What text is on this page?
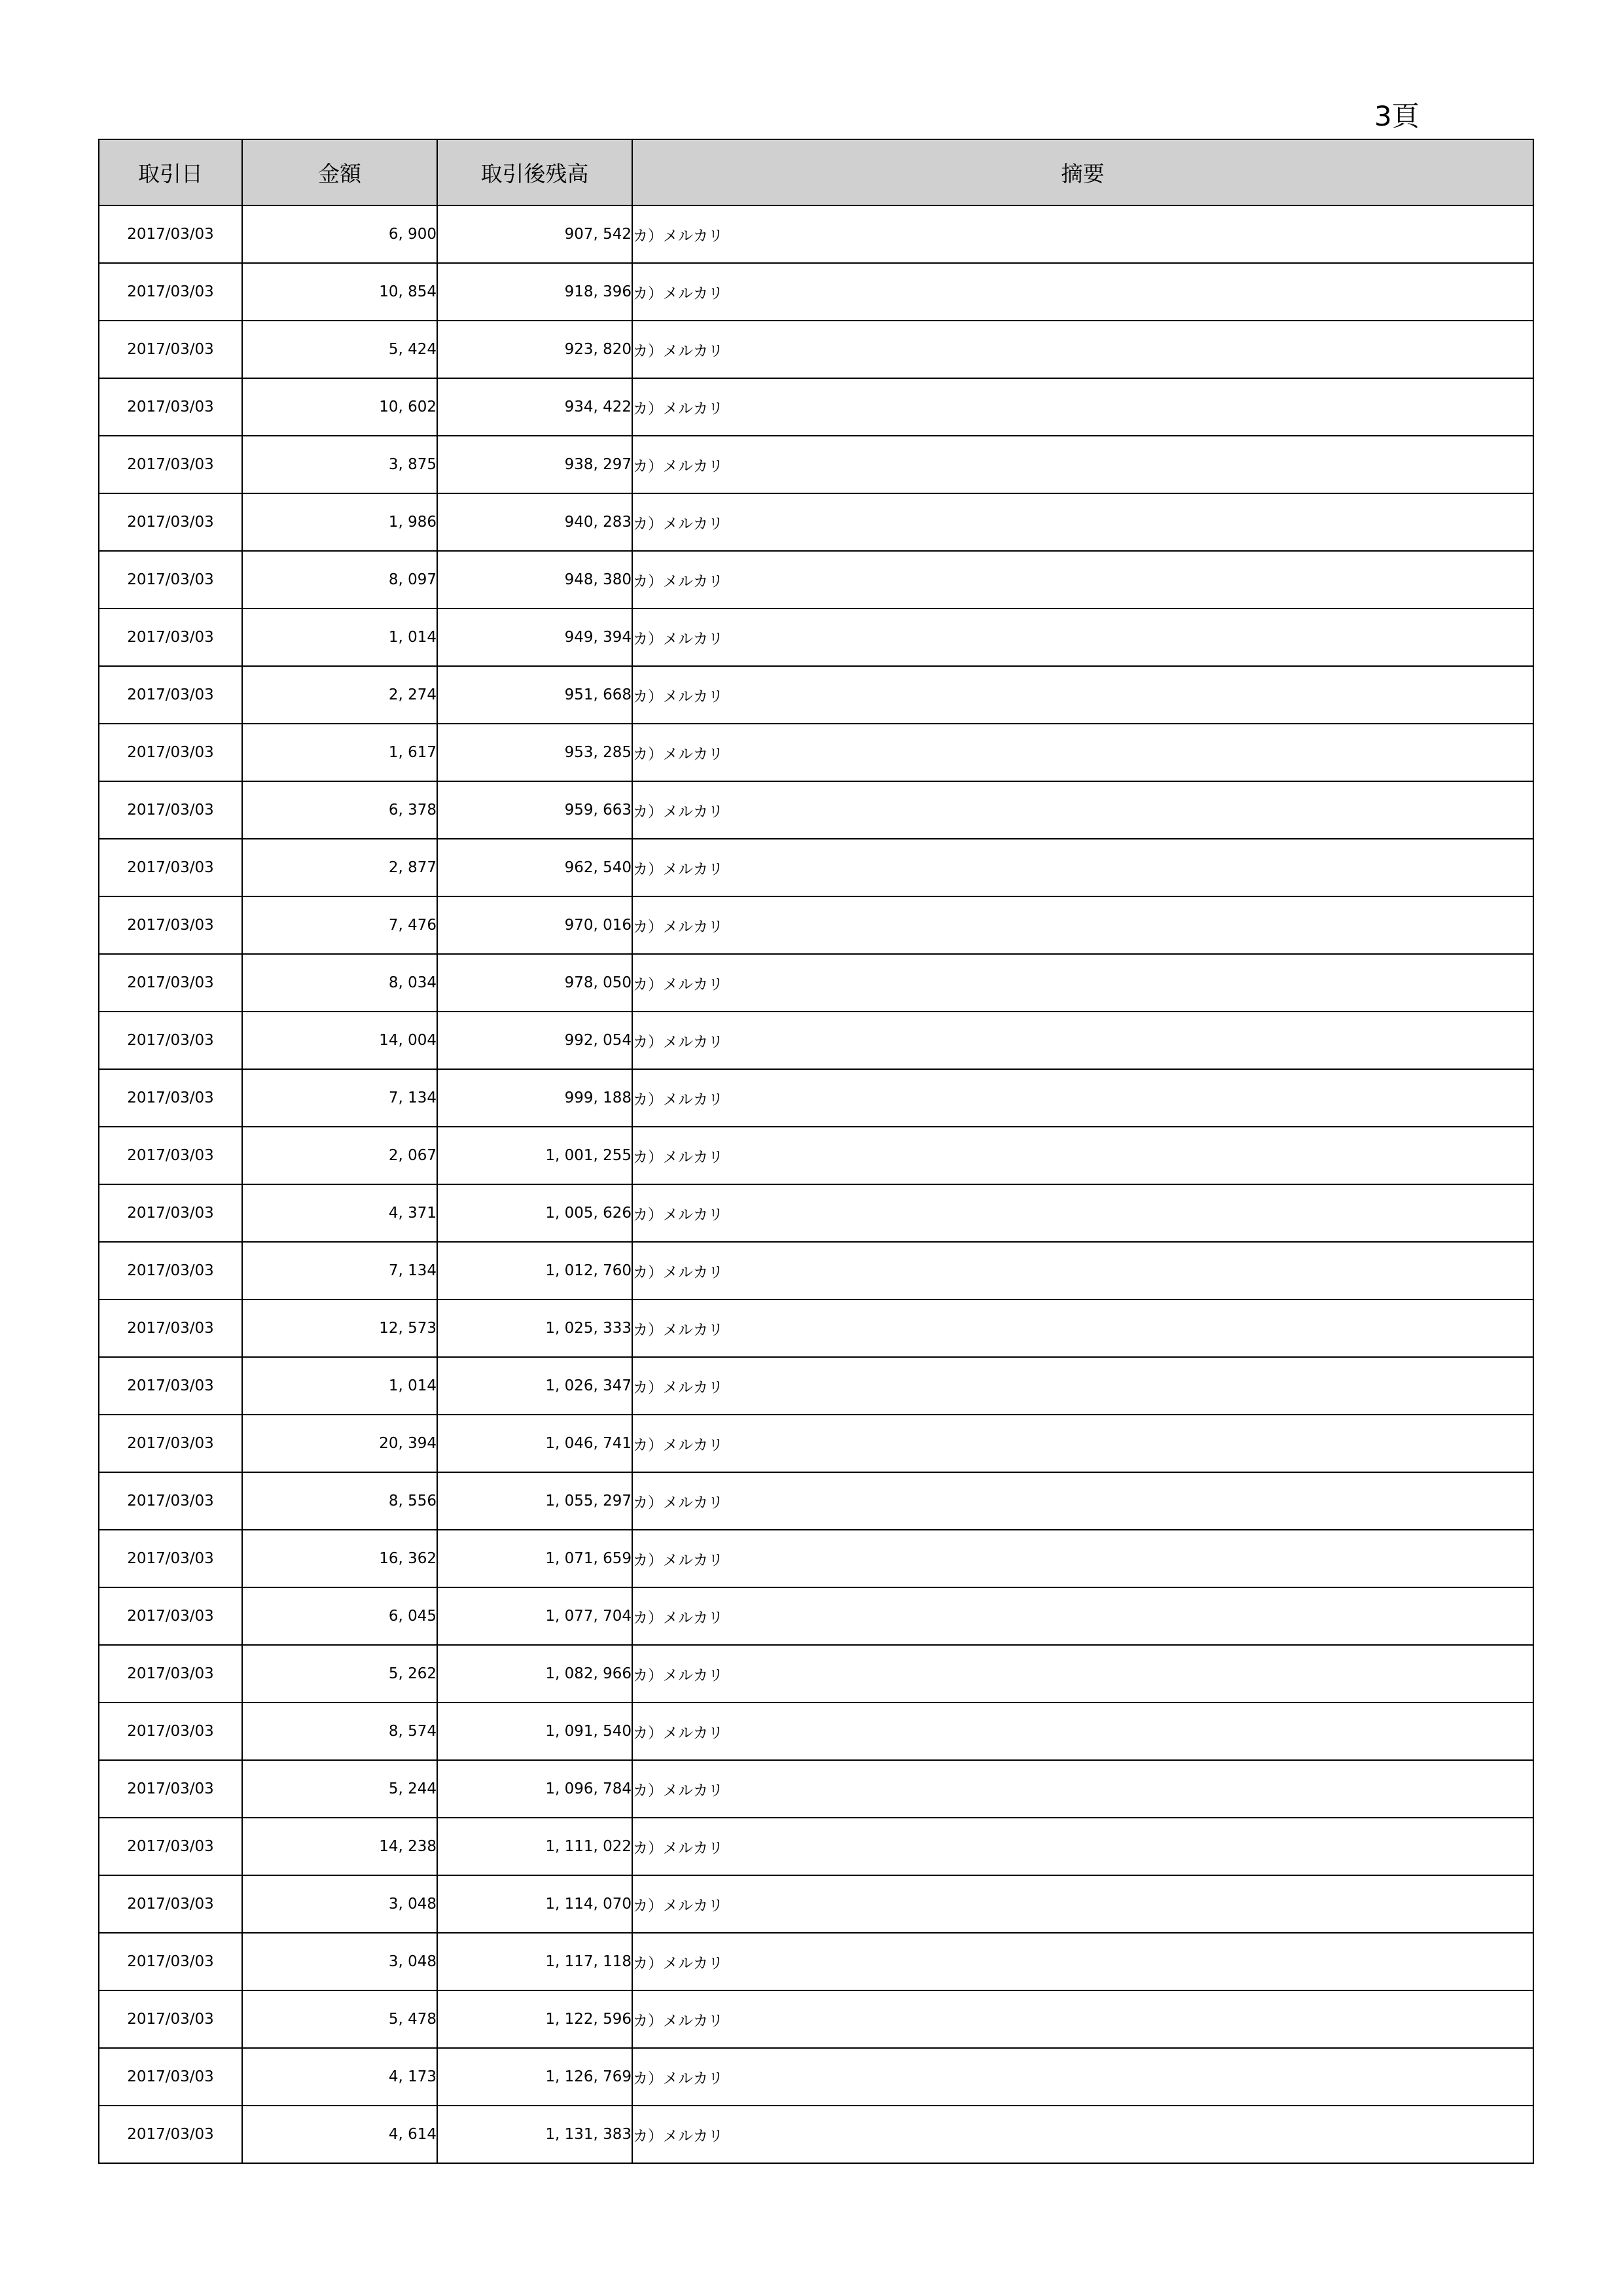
3頁
取引日	金額	取引後残高	摘要
2017/03/03	6, 900	907, 542	カ）メルカリ
2017/03/03	10, 854	918, 396	カ）メルカリ
2017/03/03	5, 424	923, 820	カ）メルカリ
2017/03/03	10, 602	934, 422	カ）メルカリ
2017/03/03	3, 875	938, 297	カ）メルカリ
2017/03/03	1, 986	940, 283	カ）メルカリ
2017/03/03	8, 097	948, 380	カ）メルカリ
2017/03/03	1, 014	949, 394	カ）メルカリ
2017/03/03	2, 274	951, 668	カ）メルカリ
2017/03/03	1, 617	953, 285	カ）メルカリ
2017/03/03	6, 378	959, 663	カ）メルカリ
2017/03/03	2, 877	962, 540	カ）メルカリ
2017/03/03	7, 476	970, 016	カ）メルカリ
2017/03/03	8, 034	978, 050	カ）メルカリ
2017/03/03	14, 004	992, 054	カ）メルカリ
2017/03/03	7, 134	999, 188	カ）メルカリ
2017/03/03	2, 067	1, 001, 255	カ）メルカリ
2017/03/03	4, 371	1, 005, 626	カ）メルカリ
2017/03/03	7, 134	1, 012, 760	カ）メルカリ
2017/03/03	12, 573	1, 025, 333	カ）メルカリ
2017/03/03	1, 014	1, 026, 347	カ）メルカリ
2017/03/03	20, 394	1, 046, 741	カ）メルカリ
2017/03/03	8, 556	1, 055, 297	カ）メルカリ
2017/03/03	16, 362	1, 071, 659	カ）メルカリ
2017/03/03	6, 045	1, 077, 704	カ）メルカリ
2017/03/03	5, 262	1, 082, 966	カ）メルカリ
2017/03/03	8, 574	1, 091, 540	カ）メルカリ
2017/03/03	5, 244	1, 096, 784	カ）メルカリ
2017/03/03	14, 238	1, 111, 022	カ）メルカリ
2017/03/03	3, 048	1, 114, 070	カ）メルカリ
2017/03/03	3, 048	1, 117, 118	カ）メルカリ
2017/03/03	5, 478	1, 122, 596	カ）メルカリ
2017/03/03	4, 173	1, 126, 769	カ）メルカリ
2017/03/03	4, 614	1, 131, 383	カ）メルカリ
